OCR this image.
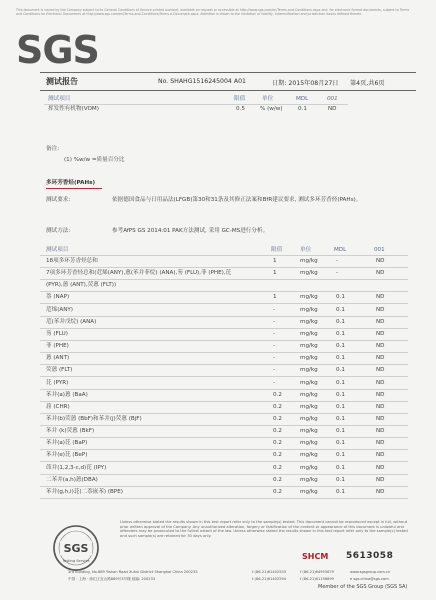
This document is issued by the Company subject to its General Conditions of Service printed overleaf, available on request or accessible at http://www.sgs.com/en/Terms-and-Conditions.aspx and, for electronic format documents, subject to Terms and Conditions for Electronic Documents at http://www.sgs.com/en/Terms-and-Conditions/Terms-e-Document.aspx. Attention is drawn to the limitation of liability, indemnification and jurisdiction issues defined therein.
SGS
测试报告	No. SHAHG1516245004 A01	日期: 2015年08月27日 第4页,共6页
测试项目	限值	单位	MDL	001
挥发性有机物(VOM)	0.5	% (w/w)	0.1	ND
备注:
(1) %w/w =质量百分比
多环芳香烃(PAHs)
测试要求:	依据德国食品与日用品法(LFGB)第30和31条及其修正法案和BfR建议要求, 测试多环芳香烃(PAHs)。
测试方法:	参考AfPS GS 2014:01 PAK方法测试, 采用 GC-MS进行分析。
测试项目	限值	单位	MDL	001
18项多环芳香烃总和	1	mg/kg	-	ND
7项多环芳香烃总和(苊烯(ANY),蒽(苯并菲烷) (ANA),芴 (FLU),菲 (PHE),芘	1	mg/kg	-	ND
(PYR),蒽 (ANT),荧蒽 (FLT))
萘 (NAP)	1	mg/kg	0.1	ND
苊烯(ANY)	-	mg/kg	0.1	ND
苊(苯并戊烷) (ANA)	-	mg/kg	0.1	ND
芴 (FLU)	-	mg/kg	0.1	ND
菲 (PHE)	-	mg/kg	0.1	ND
蒽 (ANT)	-	mg/kg	0.1	ND
荧蒽 (FLT)	-	mg/kg	0.1	ND
芘 (PYR)	-	mg/kg	0.1	ND
苯并(a)蒽 (BaA)	0.2	mg/kg	0.1	ND
䓛 (CHR)	0.2	mg/kg	0.1	ND
苯并(b)荧蒽 (BbF)和苯并(j)荧蒽 (BjF)	0.2	mg/kg	0.1	ND
苯并 (k)荧蒽 (BkF)	0.2	mg/kg	0.1	ND
苯并(a)芘 (BaP)	0.2	mg/kg	0.1	ND
苯并(e)芘 (BeP)	0.2	mg/kg	0.1	ND
茚并(1,2,3-c,d)芘 (IPY)	0.2	mg/kg	0.1	ND
二苯并(a,h)蒽(DBA)	0.2	mg/kg	0.1	ND
苯并(g,h,i)苝(二萘嵌苯) (BPE)	0.2	mg/kg	0.1	ND
SGS
Testing Service
Unless otherwise stated the results shown in this test report refer only to the sample(s) tested. This document cannot be reproduced except in full, without prior written approval of the Company. Any unauthorized alteration, forgery or falsification of the content or appearance of this document is unlawful and offenders may be prosecuted to the fullest extent of the law. Unless otherwise stated the results shown in this test report refer only to the sample(s) tested and such sample(s) are retained for 30 days only.
3rd Building, No.889 Yishan Road Xuhui District Shanghai China 200233
中国 · 上海 · 徐汇区宜山路889号3号楼 邮编: 200233
t (86-21)61402553	f (86-21)64953679	www.sgsgroup.com.cn
t (86-21)61402594	f (86-21)61156899	e sgs.china@sgs.com
SHCM 5613058
Member of the SGS Group (SGS SA)
